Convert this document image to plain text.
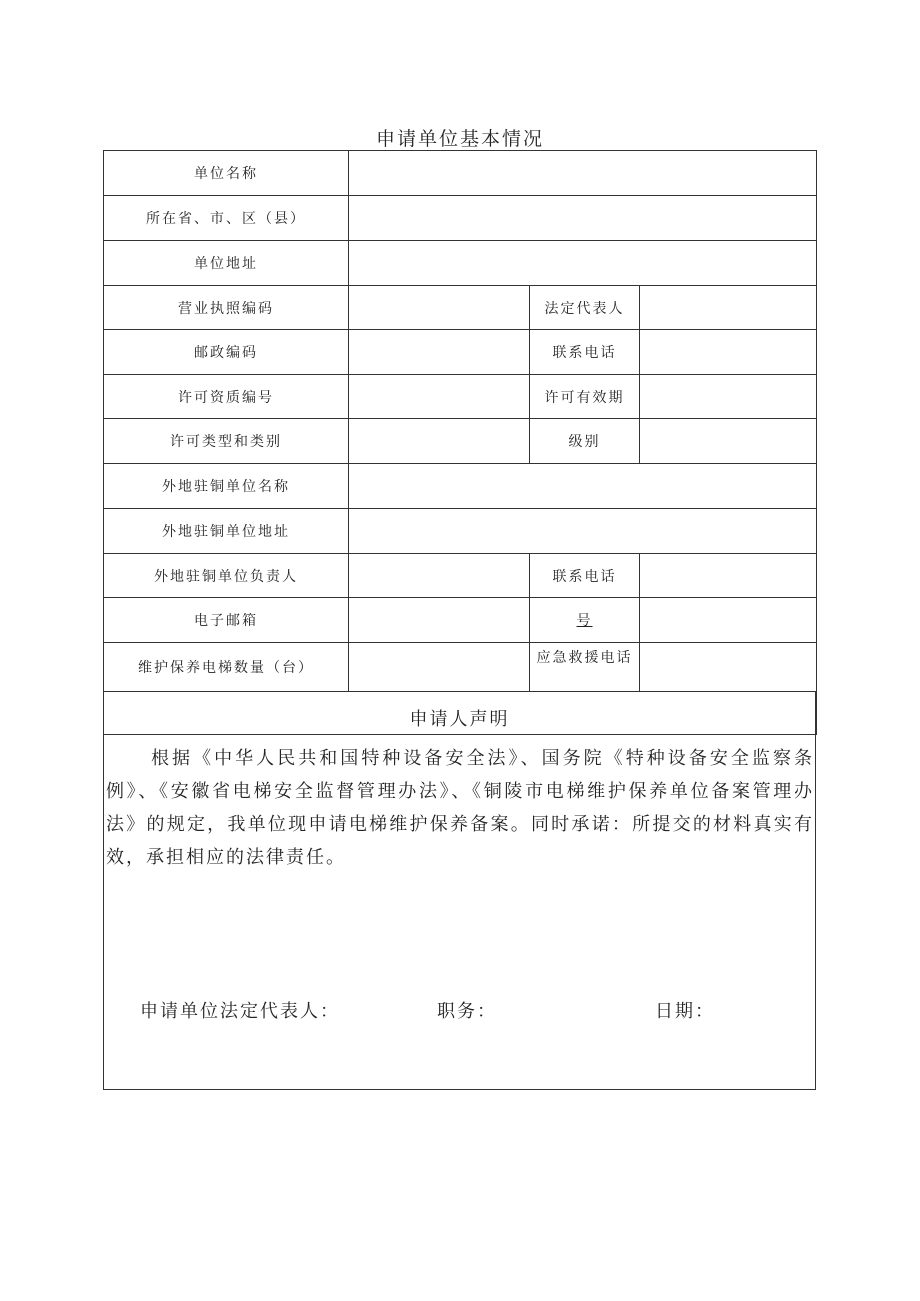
申请单位基本情况
单位名称			
所在省、市、区（县）			
单位地址			
营业执照编码		法定代表人	
邮政编码		联系电话	
许可资质编号		许可有效期	
许可类型和类别		级别	
外地驻铜单位名称			
外地驻铜单位地址			
外地驻铜单位负责人		联系电话	
电子邮箱		号	
维护保养电梯数量（台）		应急救援电话	

申请人声明
根据《中华人民共和国特种设备安全法》、国务院《特种设备安全监察条例》、《安徽省电梯安全监督管理办法》、《铜陵市电梯维护保养单位备案管理办法》的规定，我单位现申请电梯维护保养备案。同时承诺：所提交的材料真实有效，承担相应的法律责任。
申请单位法定代表人：	职务：	日期：
